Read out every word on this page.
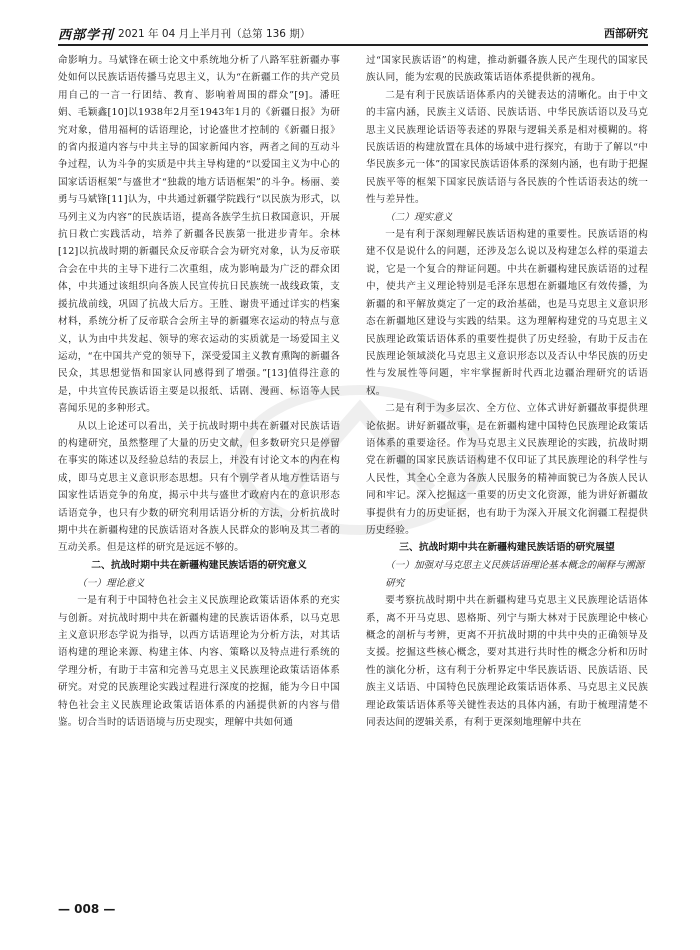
西部学刊 2021 年 04 月上半月刊（总第 136 期）	西部研究

命影响力。马斌锋在硕士论文中系统地分析了八路军驻新疆办事处如何以民族话语传播马克思主义，认为“在新疆工作的共产党员用自己的一言一行团结、教育、影响着周围的群众”[9]。潘旺娟、毛颖鑫[10]以1938年2月至1943年1月的《新疆日报》为研究对象，借用福柯的话语理论，讨论盛世才控制的《新疆日报》的省内报道内容与中共主导的国家新闻内容，两者之间的互动斗争过程，认为斗争的实质是中共主导构建的“以爱国主义为中心的国家话语框架”与盛世才“独裁的地方话语框架”的斗争。杨丽、姜勇与马斌锋[11]认为，中共通过新疆学院践行“以民族为形式，以马列主义为内容”的民族话语，提高各族学生抗日救国意识，开展抗日救亡实践活动，培养了新疆各民族第一批进步青年。余林[12]以抗战时期的新疆民众反帝联合会为研究对象，认为反帝联合会在中共的主导下进行二次重组，成为影响最为广泛的群众团体，中共通过该组织向各族人民宣传抗日民族统一战线政策，支援抗战前线，巩固了抗战大后方。王胜、谢贵平通过详实的档案材料，系统分析了反帝联合会所主导的新疆寒衣运动的特点与意义，认为由中共发起、领导的寒衣运动的实质就是一场爱国主义运动，“在中国共产党的领导下，深受爱国主义教育熏陶的新疆各民众，其思想觉悟和国家认同感得到了增强。”[13]值得注意的是，中共宣传民族话语主要是以报纸、话剧、漫画、标语等人民喜闻乐见的多种形式。

从以上论述可以看出，关于抗战时期中共在新疆对民族话语的构建研究，虽然整理了大量的历史文献，但多数研究只是停留在事实的陈述以及经验总结的表层上，并没有讨论文本的内在构成，即马克思主义意识形态思想。只有个别学者从地方性话语与国家性话语竞争的角度，揭示中共与盛世才政府内在的意识形态话语竞争，也只有少数的研究利用话语分析的方法，分析抗战时期中共在新疆构建的民族话语对各族人民群众的影响及其二者的互动关系。但是这样的研究是远远不够的。

二、抗战时期中共在新疆构建民族话语的研究意义
（一）理论意义

一是有利于中国特色社会主义民族理论政策话语体系的充实与创新。对抗战时期中共在新疆构建的民族话语体系，以马克思主义意识形态学说为指导，以西方话语理论为分析方法，对其话语构建的理论来源、构建主体、内容、策略以及特点进行系统的学理分析，有助于丰富和完善马克思主义民族理论政策话语体系研究。对党的民族理论实践过程进行深度的挖掘，能为今日中国特色社会主义民族理论政策话语体系的内涵提供新的内容与借鉴。切合当时的话语语境与历史现实，理解中共如何通

过“国家民族话语”的构建，推动新疆各族人民产生现代的国家民族认同，能为宏观的民族政策话语体系提供新的视角。

二是有利于民族话语体系内的关键表达的清晰化。由于中文的丰富内涵，民族主义话语、民族话语、中华民族话语以及马克思主义民族理论话语等表述的界限与逻辑关系是相对模糊的。将民族话语的构建放置在具体的场域中进行探究，有助于了解以“中华民族多元一体”的国家民族话语体系的深刻内涵，也有助于把握民族平等的框架下国家民族话语与各民族的个性话语表达的统一性与差异性。

（二）现实意义

一是有利于深刻理解民族话语构建的重要性。民族话语的构建不仅是说什么的问题，还涉及怎么说以及构建怎么样的渠道去说，它是一个复合的辩证问题。中共在新疆构建民族话语的过程中，使共产主义理论特别是毛泽东思想在新疆地区有效传播，为新疆的和平解放奠定了一定的政治基础，也是马克思主义意识形态在新疆地区建设与实践的结果。这为理解构建党的马克思主义民族理论政策话语体系的重要性提供了历史经验，有助于反击在民族理论领域淡化马克思主义意识形态以及否认中华民族的历史性与发展性等问题，牢牢掌握新时代西北边疆治理研究的话语权。

二是有利于为多层次、全方位、立体式讲好新疆故事提供理论依据。讲好新疆故事，是在新疆构建中国特色民族理论政策话语体系的重要途径。作为马克思主义民族理论的实践，抗战时期党在新疆的国家民族话语构建不仅印证了其民族理论的科学性与人民性，其全心全意为各族人民服务的精神面貌已为各族人民认同和牢记。深入挖掘这一重要的历史文化资源，能为讲好新疆故事提供有力的历史证据，也有助于为深入开展文化润疆工程提供历史经验。

三、抗战时期中共在新疆构建民族话语的研究展望
（一）加强对马克思主义民族话语理论基本概念的阐释与溯源研究

要考察抗战时期中共在新疆构建马克思主义民族理论话语体系，离不开马克思、恩格斯、列宁与斯大林对于民族理论中核心概念的剖析与考辨，更离不开抗战时期的中共中央的正确领导及支援。挖掘这些核心概念，要对其进行共时性的概念分析和历时性的演化分析，这有利于分析界定中华民族话语、民族话语、民族主义话语、中国特色民族理论政策话语体系、马克思主义民族理论政策话语体系等关键性表达的具体内涵，有助于梳理清楚不同表达间的逻辑关系，有利于更深刻地理解中共在

— 008 —
